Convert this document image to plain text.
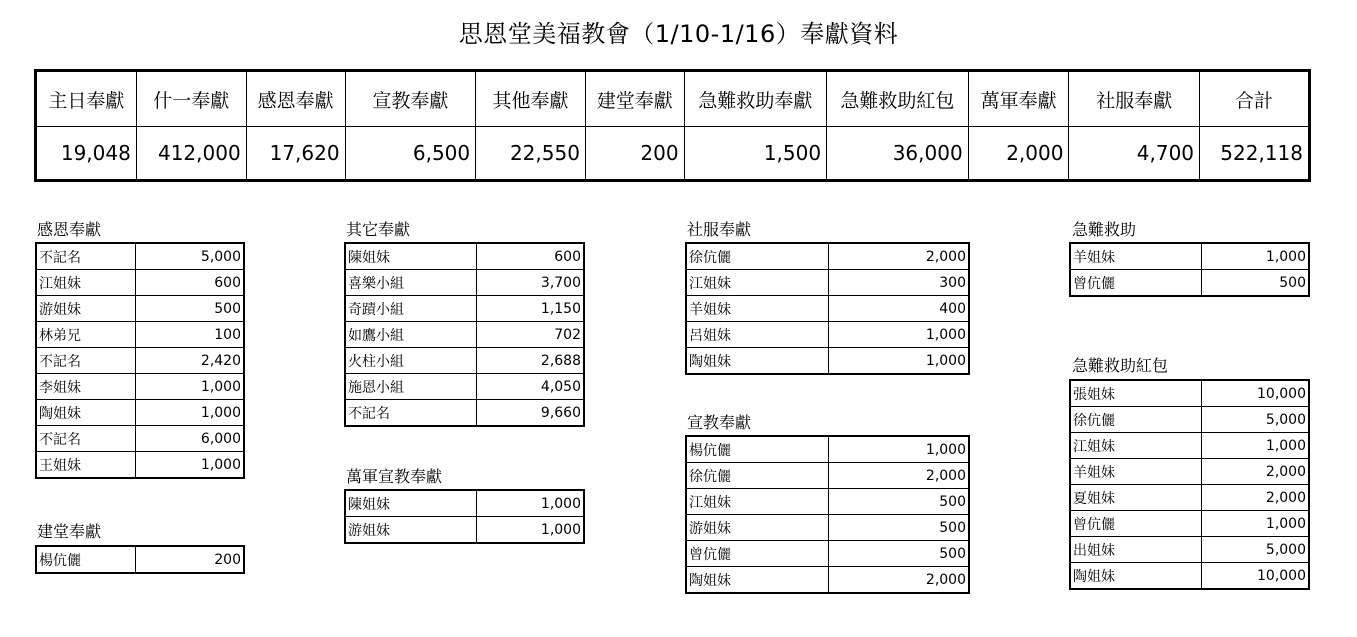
思恩堂美福教會（1/10-1/16）奉獻資料
主日奉獻	什一奉獻	感恩奉獻	宣教奉獻	其他奉獻	建堂奉獻	急難救助奉獻	急難救助紅包	萬軍奉獻	社服奉獻	合計
19,048	412,000	17,620	6,500	22,550	200	1,500	36,000	2,000	4,700	522,118
感恩奉獻
不記名	5,000
江姐妹	600
游姐妹	500
林弟兄	100
不記名	2,420
李姐妹	1,000
陶姐妹	1,000
不記名	6,000
王姐妹	1,000
建堂奉獻
楊伉儷	200
其它奉獻
陳姐妹	600
喜樂小組	3,700
奇蹟小組	1,150
如鷹小組	702
火柱小組	2,688
施恩小組	4,050
不記名	9,660
萬軍宣教奉獻
陳姐妹	1,000
游姐妹	1,000
社服奉獻
徐伉儷	2,000
江姐妹	300
羊姐妹	400
呂姐妹	1,000
陶姐妹	1,000
宣教奉獻
楊伉儷	1,000
徐伉儷	2,000
江姐妹	500
游姐妹	500
曾伉儷	500
陶姐妹	2,000
急難救助
羊姐妹	1,000
曾伉儷	500
急難救助紅包
張姐妹	10,000
徐伉儷	5,000
江姐妹	1,000
羊姐妹	2,000
夏姐妹	2,000
曾伉儷	1,000
出姐妹	5,000
陶姐妹	10,000
